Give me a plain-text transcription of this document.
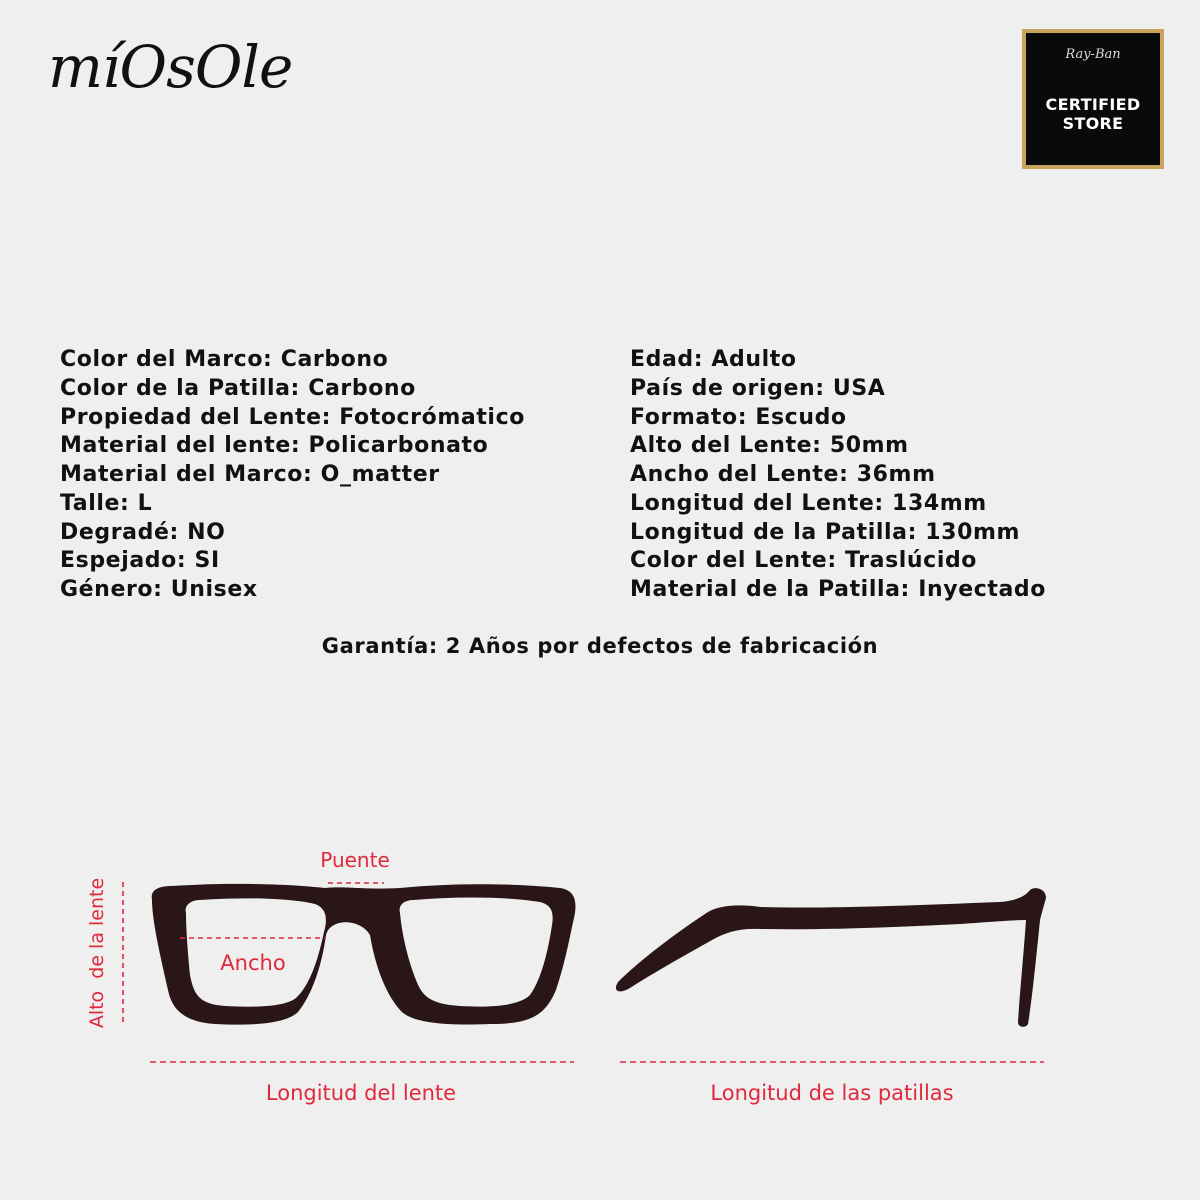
míOsOle	Ray-Ban
CERTIFIED
STORE
Color del Marco: Carbono
Color de la Patilla: Carbono
Propiedad del Lente: Fotocrómatico
Material del lente: Policarbonato
Material del Marco: O_matter
Talle: L
Degradé: NO
Espejado: SI
Género: Unisex
Edad: Adulto
País de origen: USA
Formato: Escudo
Alto del Lente: 50mm
Ancho del Lente: 36mm
Longitud del Lente: 134mm
Longitud de la Patilla: 130mm
Color del Lente: Traslúcido
Material de la Patilla: Inyectado
Garantía: 2 Años por defectos de fabricación
Puente
Ancho
Alto  de la lente
Longitud del lente	Longitud de las patillas
